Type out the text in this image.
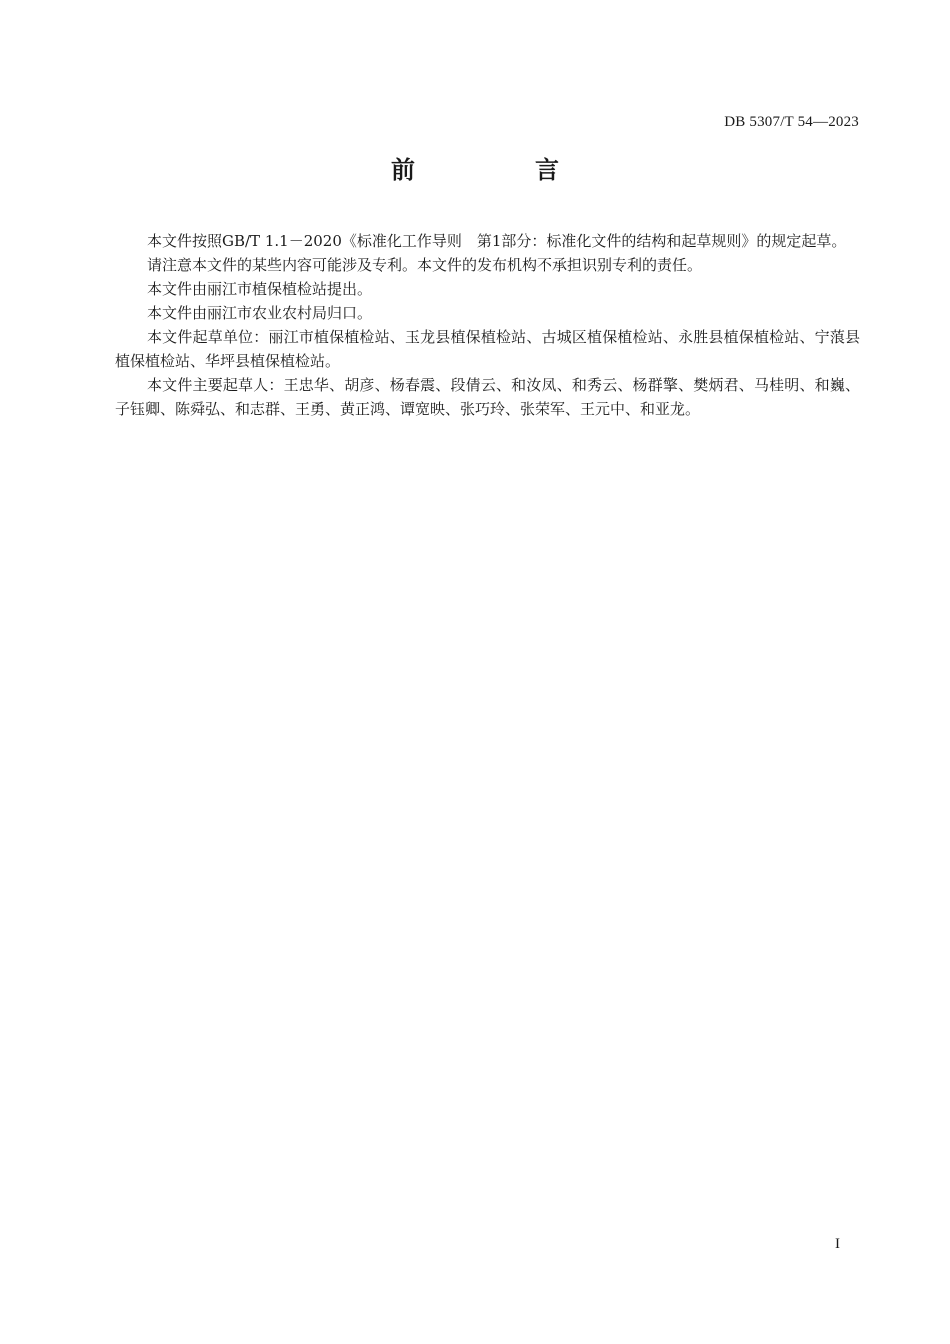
DB 5307/T 54—2023
前　言

本文件按照GB/T 1.1－2020《标准化工作导则　第1部分：标准化文件的结构和起草规则》的规定起草。

请注意本文件的某些内容可能涉及专利。本文件的发布机构不承担识别专利的责任。

本文件由丽江市植保植检站提出。

本文件由丽江市农业农村局归口。

本文件起草单位：丽江市植保植检站、玉龙县植保植检站、古城区植保植检站、永胜县植保植检站、宁蒗县植保植检站、华坪县植保植检站。

本文件主要起草人：王忠华、胡彦、杨春震、段倩云、和汝凤、和秀云、杨群擎、樊炳君、马桂明、和巍、子钰卿、陈舜弘、和志群、王勇、黄正鸿、谭宽映、张巧玲、张荣军、王元中、和亚龙。

I
